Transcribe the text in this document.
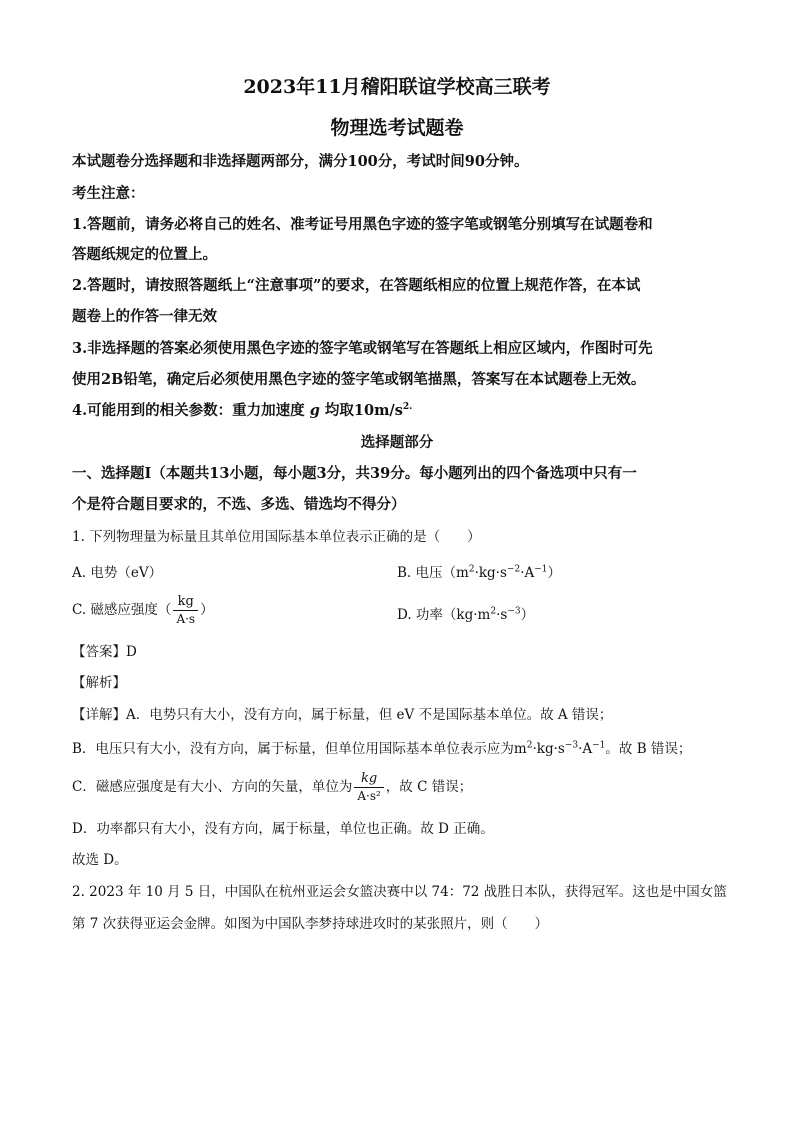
2023年11月稽阳联谊学校高三联考
物理选考试题卷
本试题卷分选择题和非选择题两部分，满分100分，考试时间90分钟。
考生注意：
1.答题前，请务必将自己的姓名、准考证号用黑色字迹的签字笔或钢笔分别填写在试题卷和
答题纸规定的位置上。
2.答题时，请按照答题纸上“注意事项”的要求，在答题纸相应的位置上规范作答，在本试
题卷上的作答一律无效
3.非选择题的答案必须使用黑色字迹的签字笔或钢笔写在答题纸上相应区域内，作图时可先
使用2B铅笔，确定后必须使用黑色字迹的签字笔或钢笔描黑，答案写在本试题卷上无效。
4.可能用到的相关参数：重力加速度 g 均取$10m/s^{2.}$
选择题部分
一、选择题Ⅰ（本题共13小题，每小题3分，共39分。每小题列出的四个备选项中只有一
个是符合题目要求的，不选、多选、错选均不得分）
1. 下列物理量为标量且其单位用国际基本单位表示正确的是（　　）
A. 电势（eV）	B. 电压$(m^2\cdot kg\cdot s^{-2}\cdot A^{-1})$
C. 磁感应强度（ $\frac{kg}{A\cdot s}$ ）	D. 功率$(kg\cdot m^2\cdot s^{-3})$
【答案】D
【解析】
【详解】A．电势只有大小，没有方向，属于标量，但 eV 不是国际基本单位。故 A 错误；
B．电压只有大小，没有方向，属于标量，但单位用国际基本单位表示应为$m^2\cdot kg\cdot s^{-3}\cdot A^{-1}$。故 B 错误；
C．磁感应强度是有大小、方向的矢量，单位为 $\frac{kg}{\text{A·s²}}$ ，故 C 错误；
D．功率都只有大小，没有方向，属于标量，单位也正确。故 D 正确。
故选 D。
2. 2023 年 10 月 5 日，中国队在杭州亚运会女篮决赛中以 74：72 战胜日本队，获得冠军。这也是中国女篮
第 7 次获得亚运会金牌。如图为中国队李梦持球进攻时的某张照片，则（　　）
